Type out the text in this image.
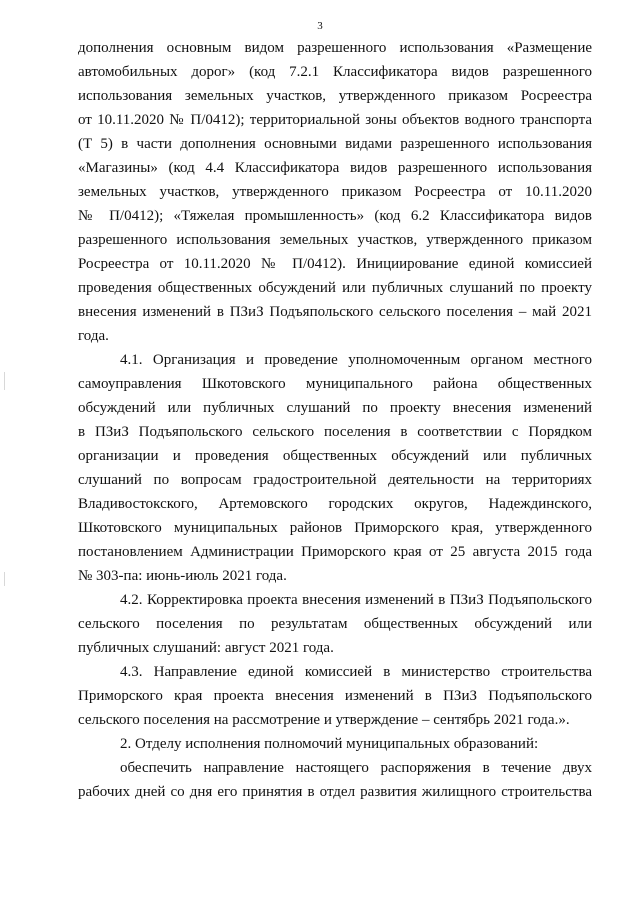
3

дополнения основным видом разрешенного использования «Размещение
автомобильных дорог» (код 7.2.1 Классификатора видов разрешенного
использования земельных участков, утвержденного приказом Росреестра
от 10.11.2020 № П/0412); территориальной зоны объектов водного транспорта
(Т 5) в части дополнения основными видами разрешенного использования
«Магазины» (код 4.4 Классификатора видов разрешенного использования
земельных участков, утвержденного приказом Росреестра от 10.11.2020
№ П/0412); «Тяжелая промышленность» (код 6.2 Классификатора видов
разрешенного использования земельных участков, утвержденного приказом
Росреестра от 10.11.2020 № П/0412). Инициирование единой комиссией
проведения общественных обсуждений или публичных слушаний по проекту
внесения изменений в ПЗиЗ Подъяпольского сельского поселения – май 2021
года.

4.1. Организация и проведение уполномоченным органом местного
самоуправления Шкотовского муниципального района общественных
обсуждений или публичных слушаний по проекту внесения изменений
в ПЗиЗ Подъяпольского сельского поселения в соответствии с Порядком
организации и проведения общественных обсуждений или публичных
слушаний по вопросам градостроительной деятельности на территориях
Владивостокского, Артемовского городских округов, Надеждинского,
Шкотовского муниципальных районов Приморского края, утвержденного
постановлением Администрации Приморского края от 25 августа 2015 года
№ 303-па: июнь-июль 2021 года.

4.2. Корректировка проекта внесения изменений в ПЗиЗ Подъяпольского
сельского поселения по результатам общественных обсуждений или
публичных слушаний: август 2021 года.

4.3. Направление единой комиссией в министерство строительства
Приморского края проекта внесения изменений в ПЗиЗ Подъяпольского
сельского поселения на рассмотрение и утверждение – сентябрь 2021 года.».

2. Отделу исполнения полномочий муниципальных образований:

обеспечить направление настоящего распоряжения в течение двух
рабочих дней со дня его принятия в отдел развития жилищного строительства
